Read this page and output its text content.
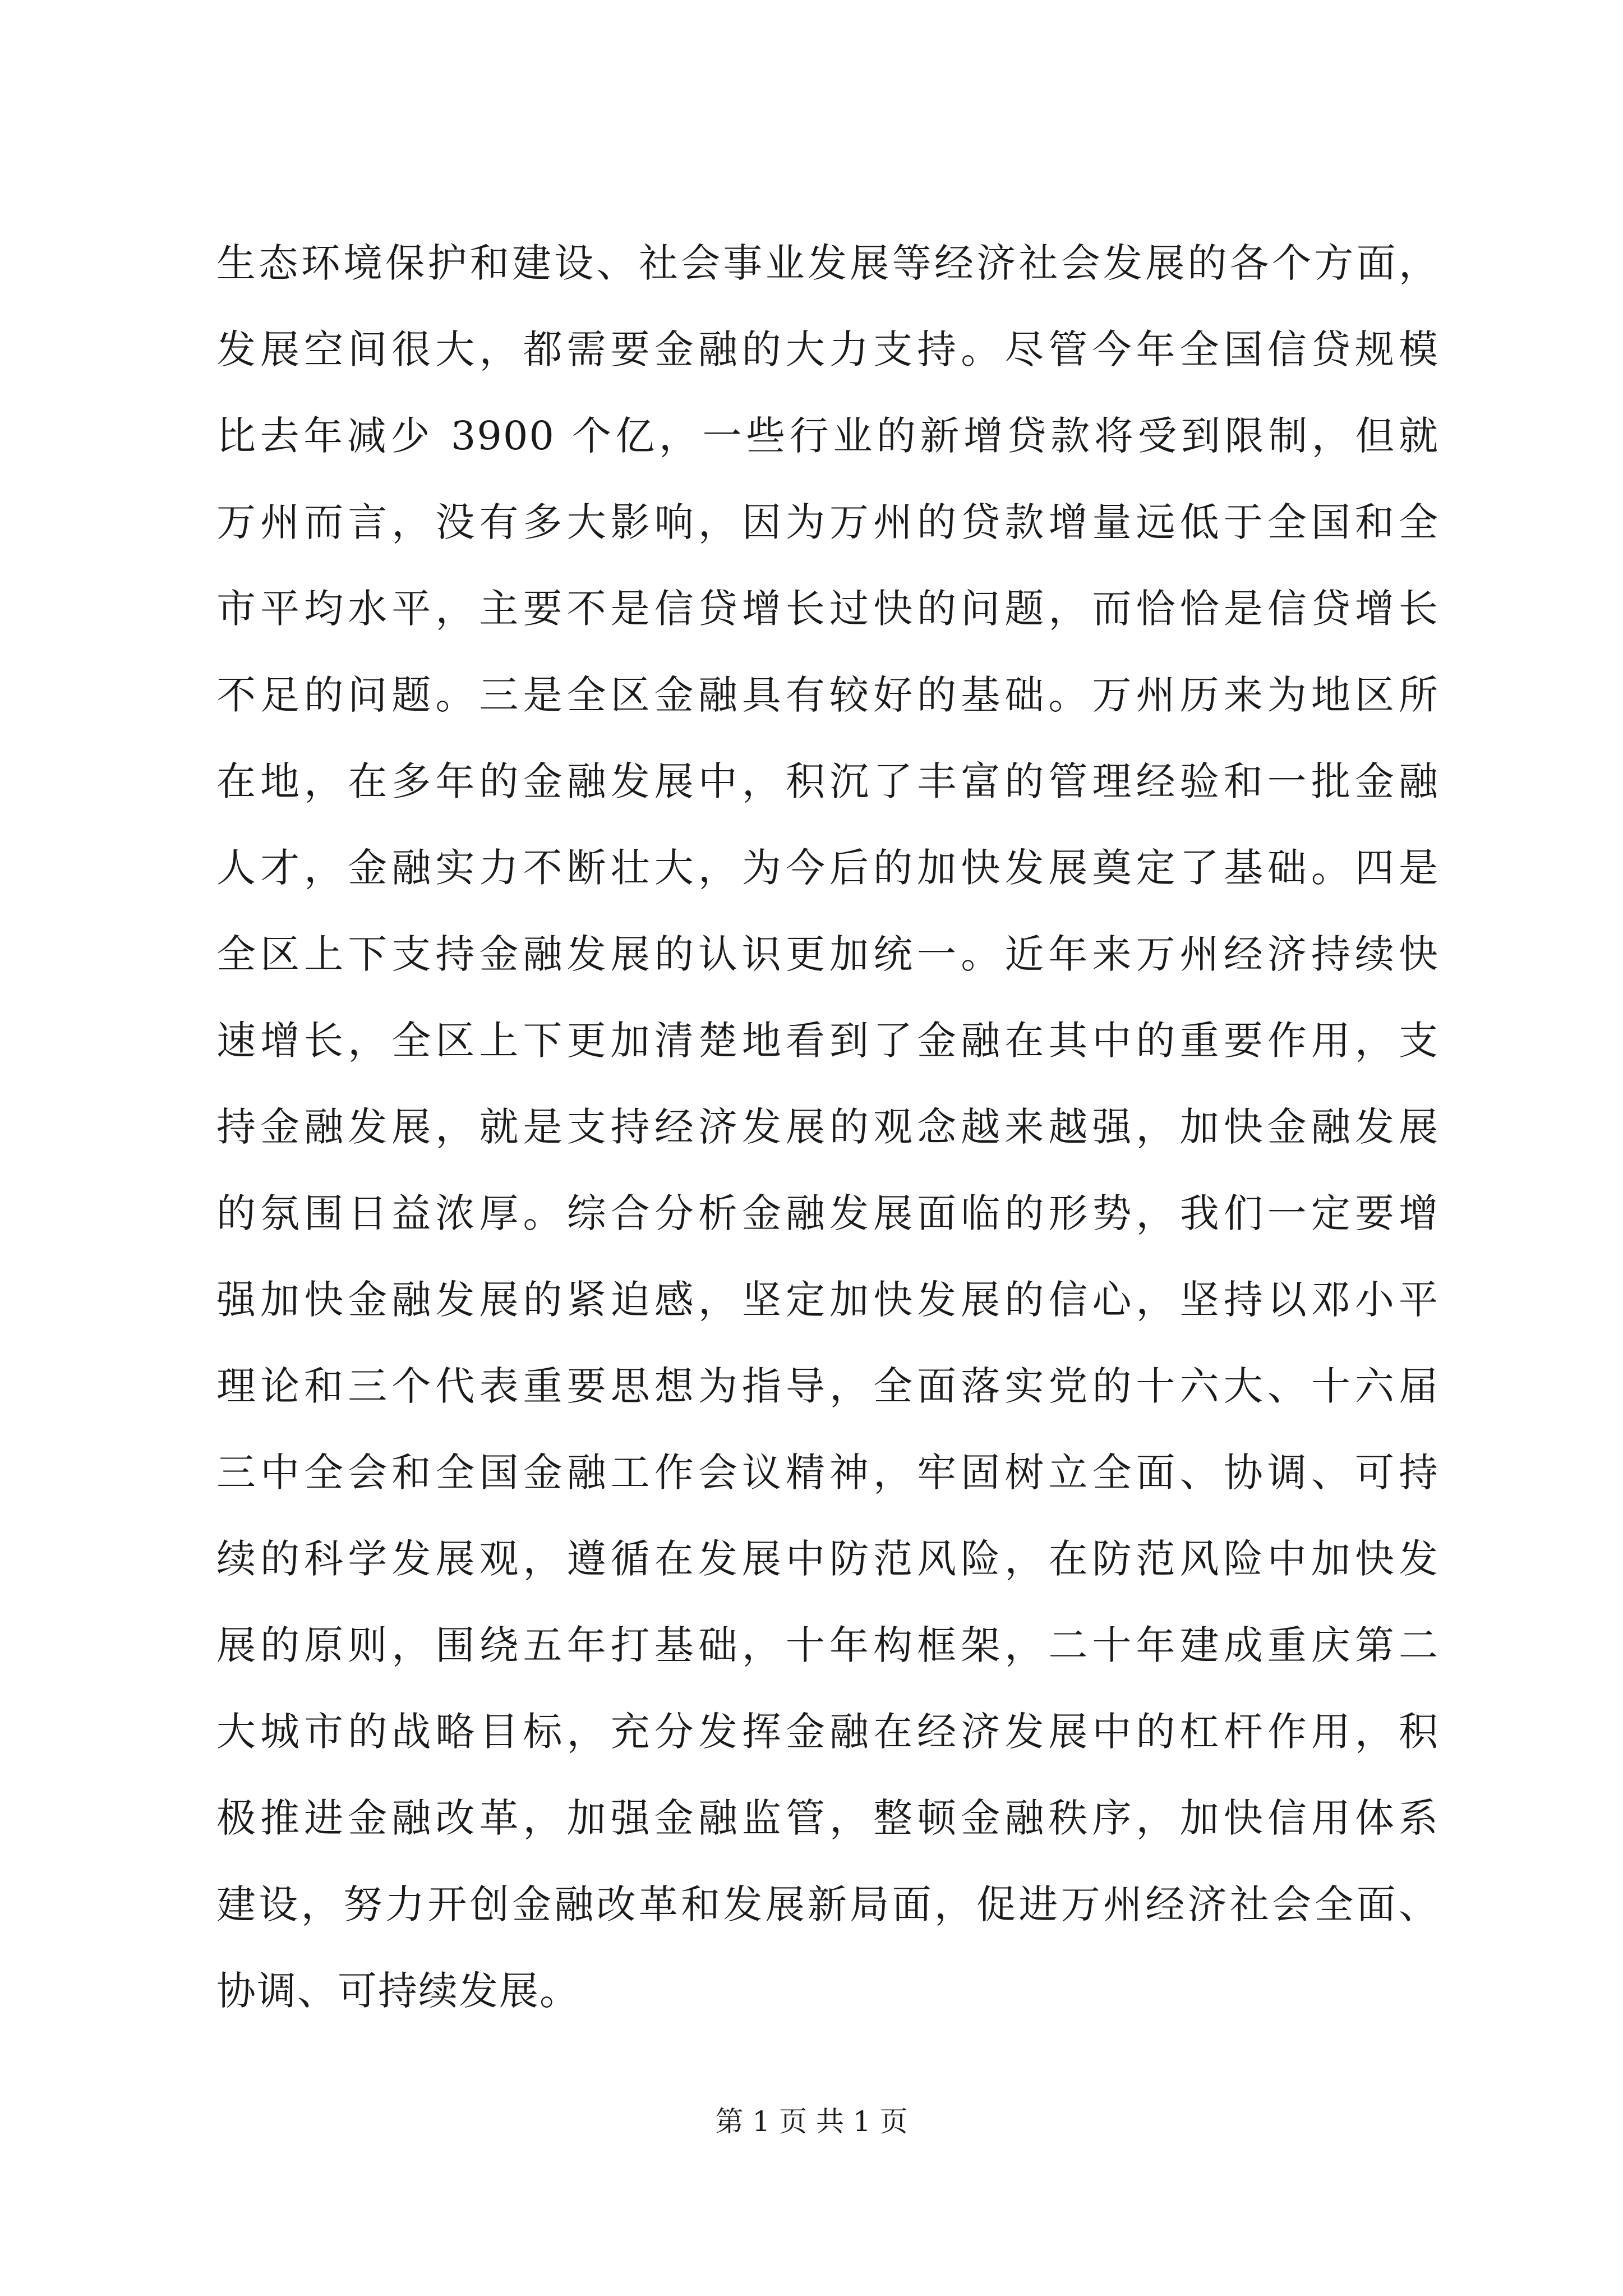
生态环境保护和建设、社会事业发展等经济社会发展的各个方面，
发展空间很大，都需要金融的大力支持。尽管今年全国信贷规模
比去年减少 3900 个亿，一些行业的新增贷款将受到限制，但就
万州而言，没有多大影响，因为万州的贷款增量远低于全国和全
市平均水平，主要不是信贷增长过快的问题，而恰恰是信贷增长
不足的问题。三是全区金融具有较好的基础。万州历来为地区所
在地，在多年的金融发展中，积沉了丰富的管理经验和一批金融
人才，金融实力不断壮大，为今后的加快发展奠定了基础。四是
全区上下支持金融发展的认识更加统一。近年来万州经济持续快
速增长，全区上下更加清楚地看到了金融在其中的重要作用，支
持金融发展，就是支持经济发展的观念越来越强，加快金融发展
的氛围日益浓厚。综合分析金融发展面临的形势，我们一定要增
强加快金融发展的紧迫感，坚定加快发展的信心，坚持以邓小平
理论和三个代表重要思想为指导，全面落实党的十六大、十六届
三中全会和全国金融工作会议精神，牢固树立全面、协调、可持
续的科学发展观，遵循在发展中防范风险，在防范风险中加快发
展的原则，围绕五年打基础，十年构框架，二十年建成重庆第二
大城市的战略目标，充分发挥金融在经济发展中的杠杆作用，积
极推进金融改革，加强金融监管，整顿金融秩序，加快信用体系
建设，努力开创金融改革和发展新局面，促进万州经济社会全面、
协调、可持续发展。
第 1 页 共 1 页
